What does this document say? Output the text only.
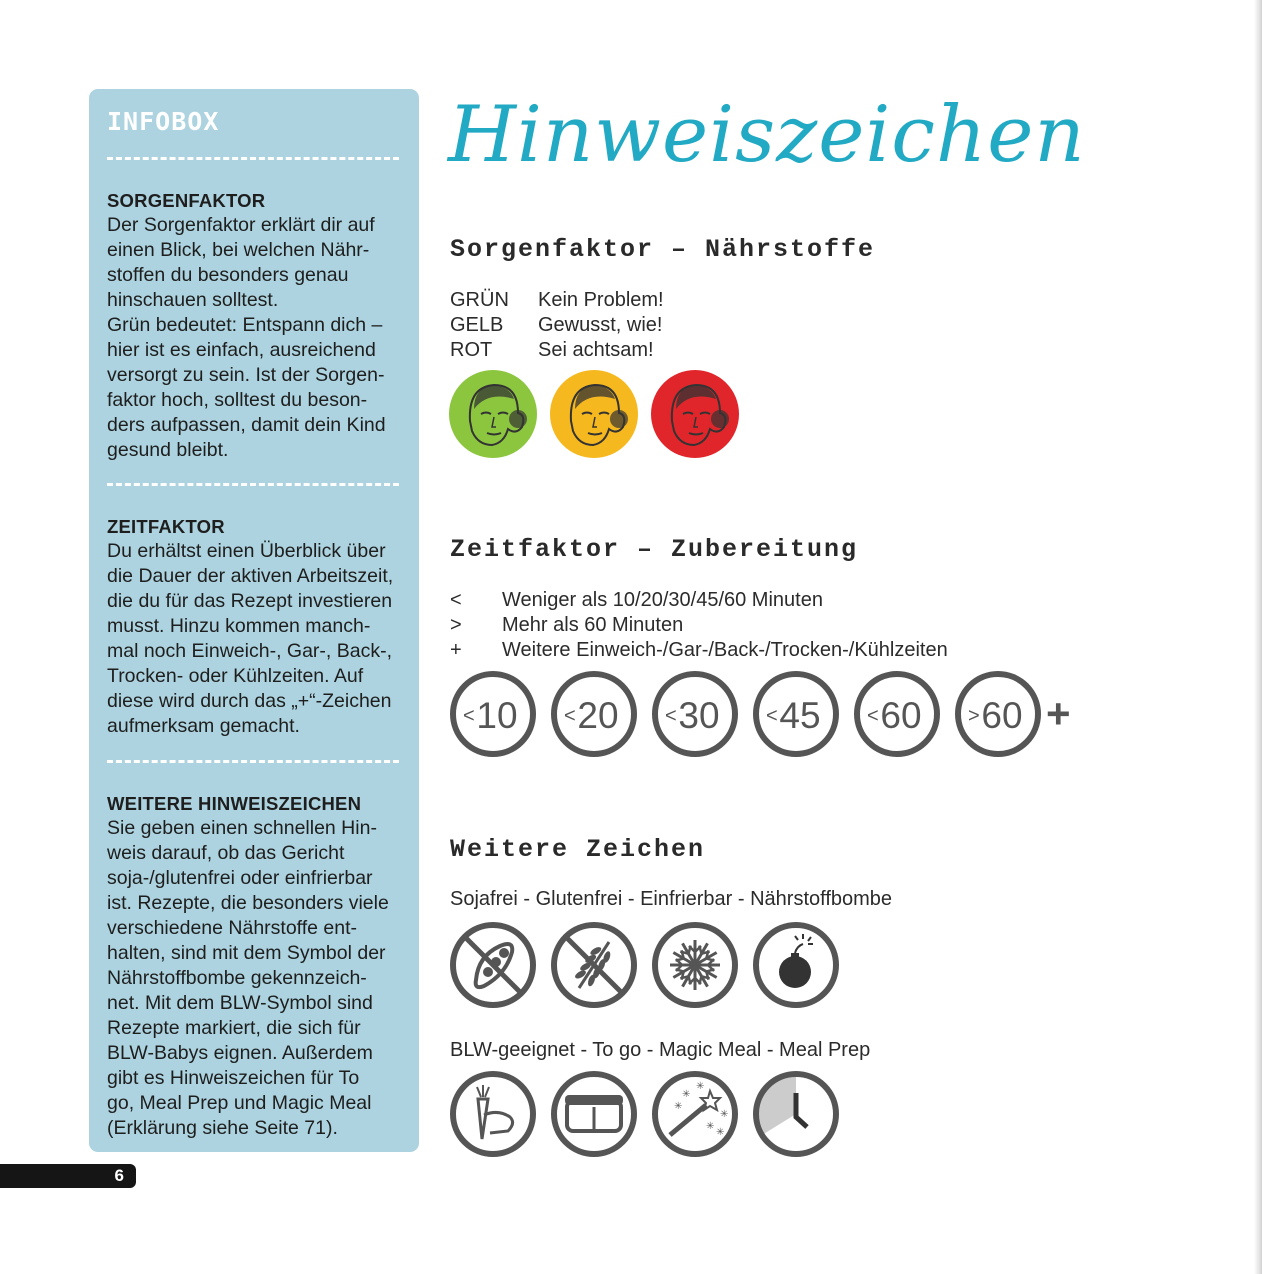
INFOBOX
SORGENFAKTOR
Der Sorgenfaktor erklärt dir auf
einen Blick, bei welchen Nähr-
stoffen du besonders genau
hinschauen solltest.
Grün bedeutet: Entspann dich –
hier ist es einfach, ausreichend
versorgt zu sein. Ist der Sorgen-
faktor hoch, solltest du beson-
ders aufpassen, damit dein Kind
gesund bleibt.
ZEITFAKTOR
Du erhältst einen Überblick über
die Dauer der aktiven Arbeitszeit,
die du für das Rezept investieren
musst. Hinzu kommen manch-
mal noch Einweich-, Gar-, Back-,
Trocken- oder Kühlzeiten. Auf
diese wird durch das „+“-Zeichen
aufmerksam gemacht.
WEITERE HINWEISZEICHEN
Sie geben einen schnellen Hin-
weis darauf, ob das Gericht
soja-/glutenfrei oder einfrierbar
ist. Rezepte, die besonders viele
verschiedene Nährstoffe ent-
halten, sind mit dem Symbol der
Nährstoffbombe gekennzeich-
net. Mit dem BLW-Symbol sind
Rezepte markiert, die sich für
BLW-Babys eignen. Außerdem
gibt es Hinweiszeichen für To
go, Meal Prep und Magic Meal
(Erklärung siehe Seite 71).
Hinweiszeichen
Sorgenfaktor – Nährstoffe
GRÜN	Kein Problem!
GELB	Gewusst, wie!
ROT	Sei achtsam!
Zeitfaktor – Zubereitung
<	Weniger als 10/20/30/45/60 Minuten
>	Mehr als 60 Minuten
+	Weitere Einweich-/Gar-/Back-/Trocken-/Kühlzeiten
< 10 < 20 < 30 < 45 < 60 > 60 +
Weitere Zeichen
Sojafrei - Glutenfrei - Einfrierbar - Nährstoffbombe
BLW-geeignet - To go - Magic Meal - Meal Prep
✳
✳
✳
✳
✳
✳
6
